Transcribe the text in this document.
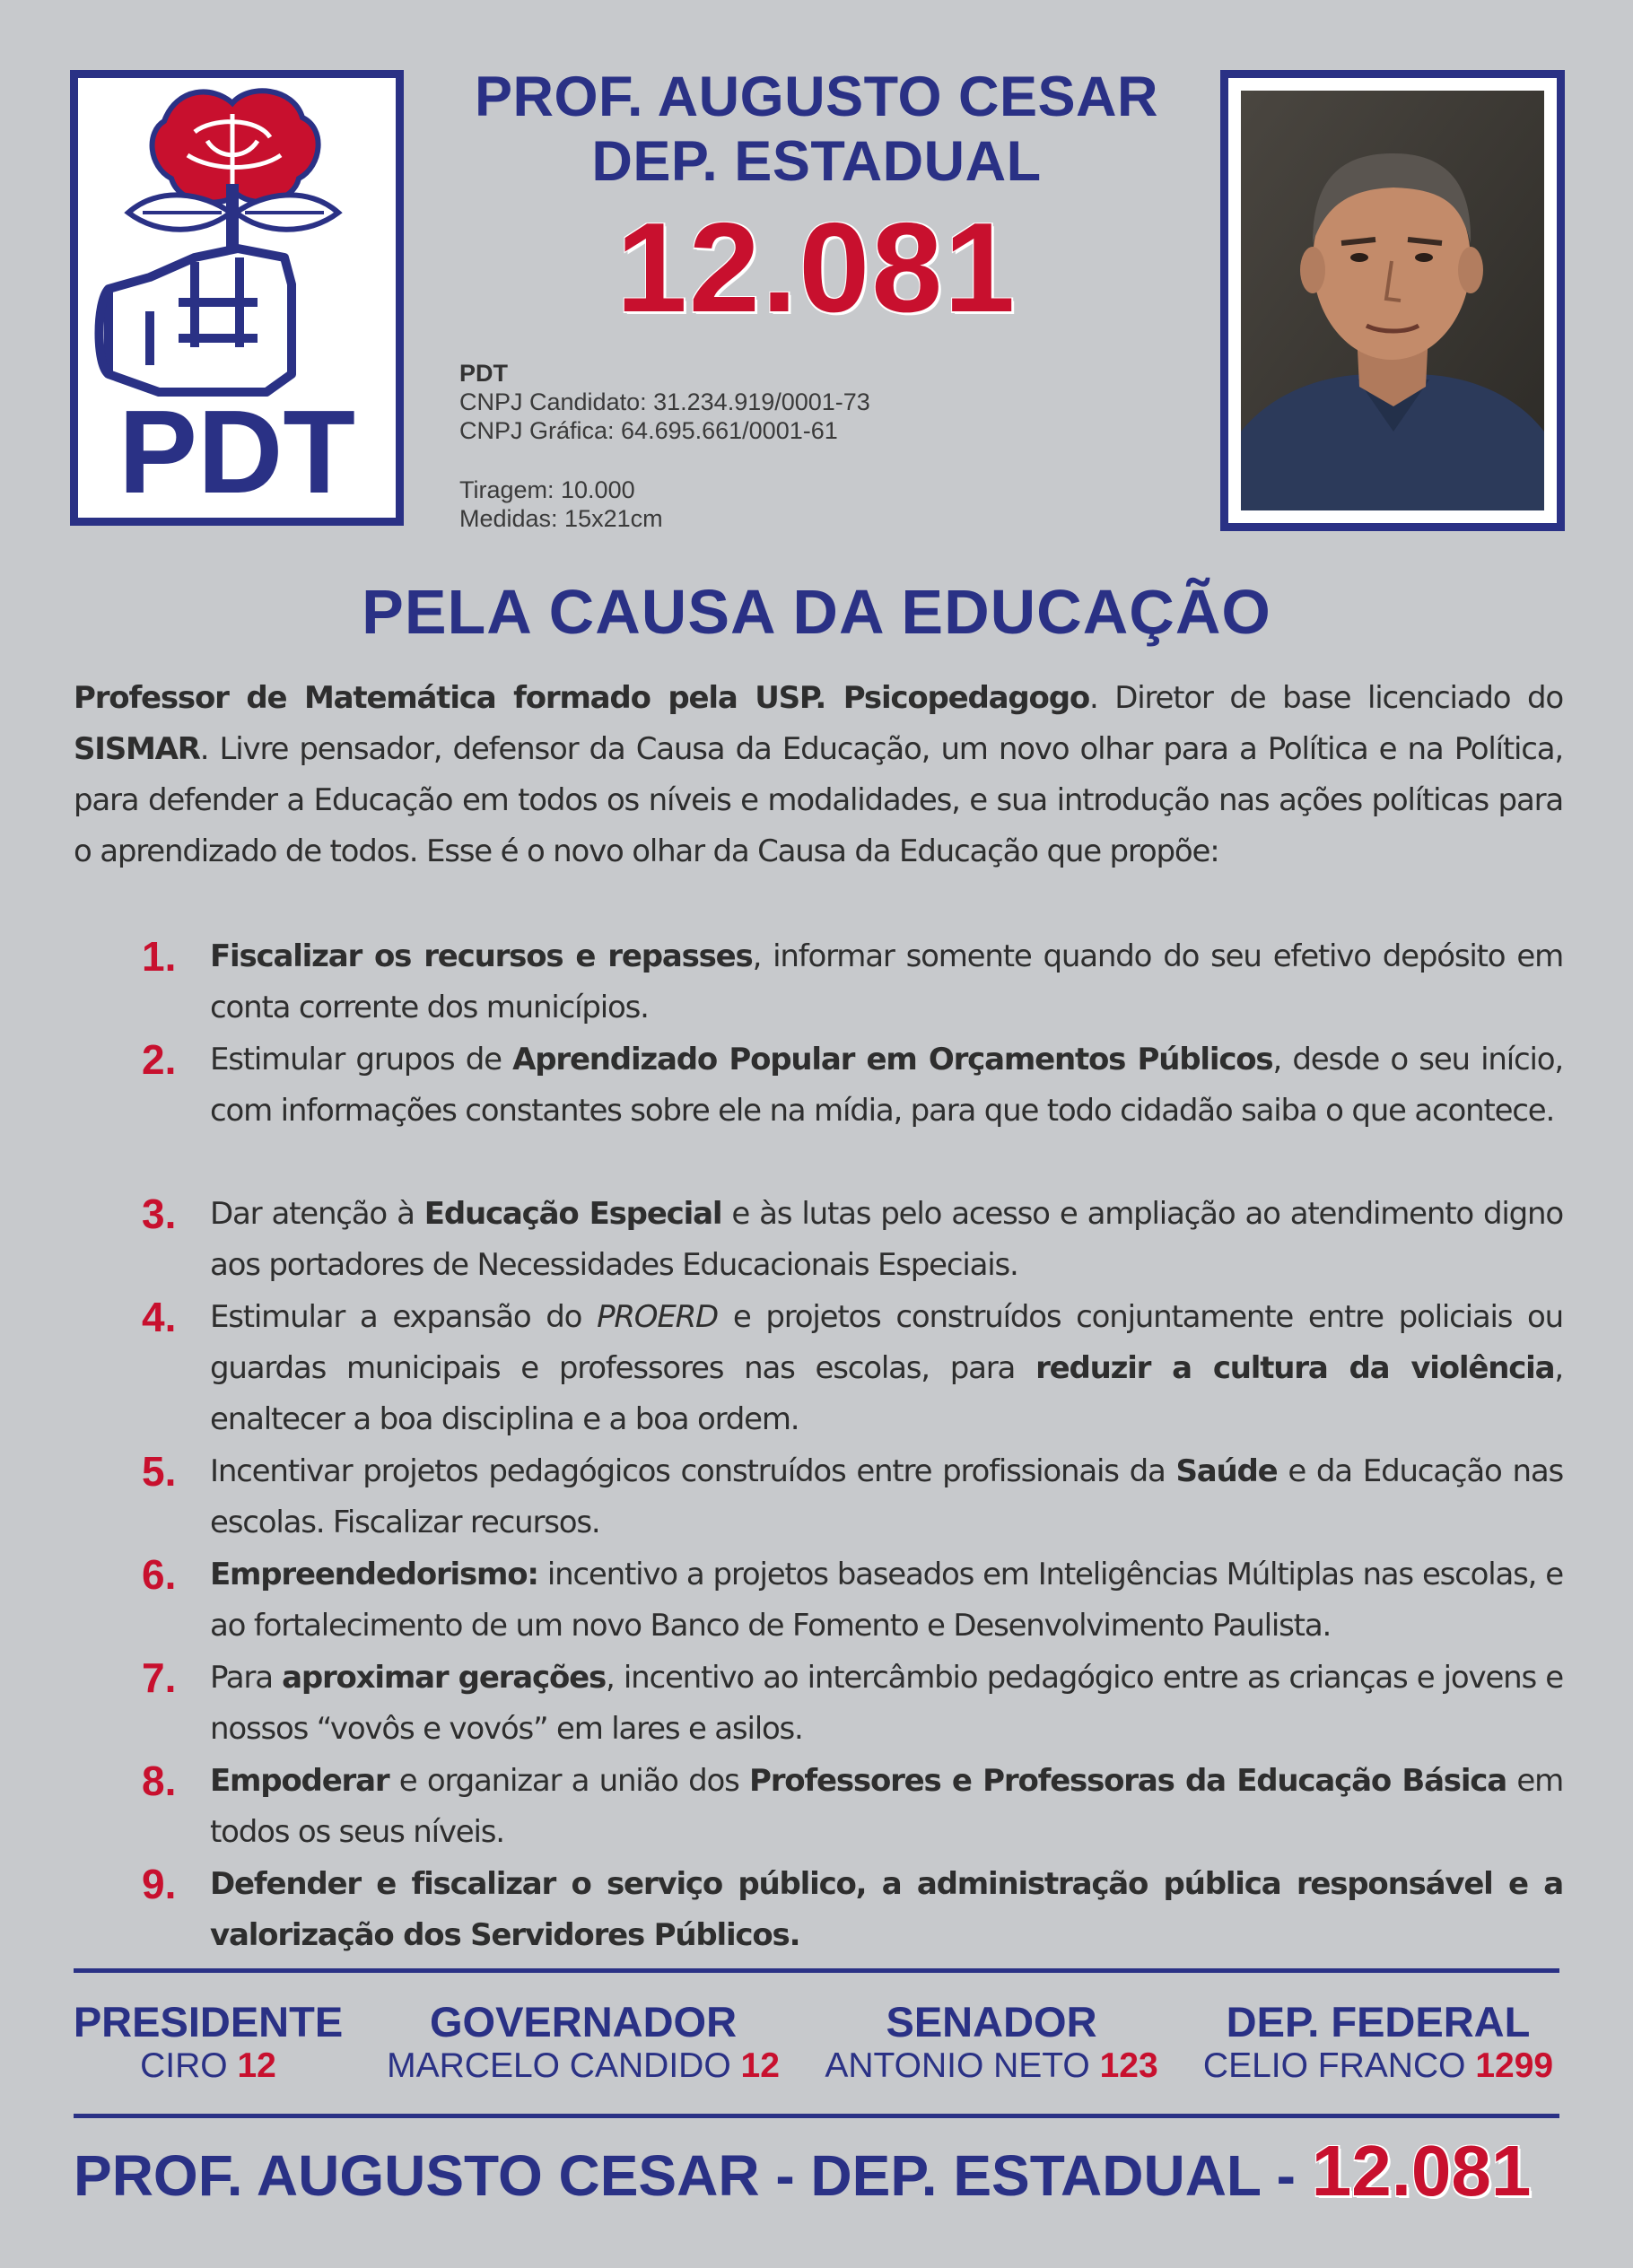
PDT
PROF. AUGUSTO CESAR
DEP. ESTADUAL
12.081
PDT
CNPJ Candidato: 31.234.919/0001-73
CNPJ Gráfica: 64.695.661/0001-61
Tiragem: 10.000
Medidas: 15x21cm
PELA CAUSA DA EDUCAÇÃO
Professor de Matemática formado pela USP. Psicopedagogo. Diretor de base licenciado do SISMAR. Livre pensador, defensor da Causa da Educação, um novo olhar para a Política e na Política, para defender a Educação em todos os níveis e modalidades, e sua introdução nas ações políticas para o aprendizado de todos. Esse é o novo olhar da Causa da Educação que propõe:
1. Fiscalizar os recursos e repasses, informar somente quando do seu efetivo depósito em conta corrente dos municípios.
2. Estimular grupos de Aprendizado Popular em Orçamentos Públicos, desde o seu início, com informações constantes sobre ele na mídia, para que todo cidadão saiba o que acontece.
3. Dar atenção à Educação Especial e às lutas pelo acesso e ampliação ao atendimento digno aos portadores de Necessidades Educacionais Especiais.
4. Estimular a expansão do PROERD e projetos construídos conjuntamente entre policiais ou guardas municipais e professores nas escolas, para reduzir a cultura da violência, enaltecer a boa disciplina e a boa ordem.
5. Incentivar projetos pedagógicos construídos entre profissionais da Saúde e da Educação nas escolas. Fiscalizar recursos.
6. Empreendedorismo: incentivo a projetos baseados em Inteligências Múltiplas nas escolas, e ao fortalecimento de um novo Banco de Fomento e Desenvolvimento Paulista.
7. Para aproximar gerações, incentivo ao intercâmbio pedagógico entre as crianças e jovens e nossos “vovôs e vovós” em lares e asilos.
8. Empoderar e organizar a união dos Professores e Professoras da Educação Básica em todos os seus níveis.
9. Defender e fiscalizar o serviço público, a administração pública responsável e a valorização dos Servidores Públicos.
PRESIDENTE
CIRO 12
GOVERNADOR
MARCELO CANDIDO 12
SENADOR
ANTONIO NETO 123
DEP. FEDERAL
CELIO FRANCO 1299
PROF. AUGUSTO CESAR - DEP. ESTADUAL - 12.081
